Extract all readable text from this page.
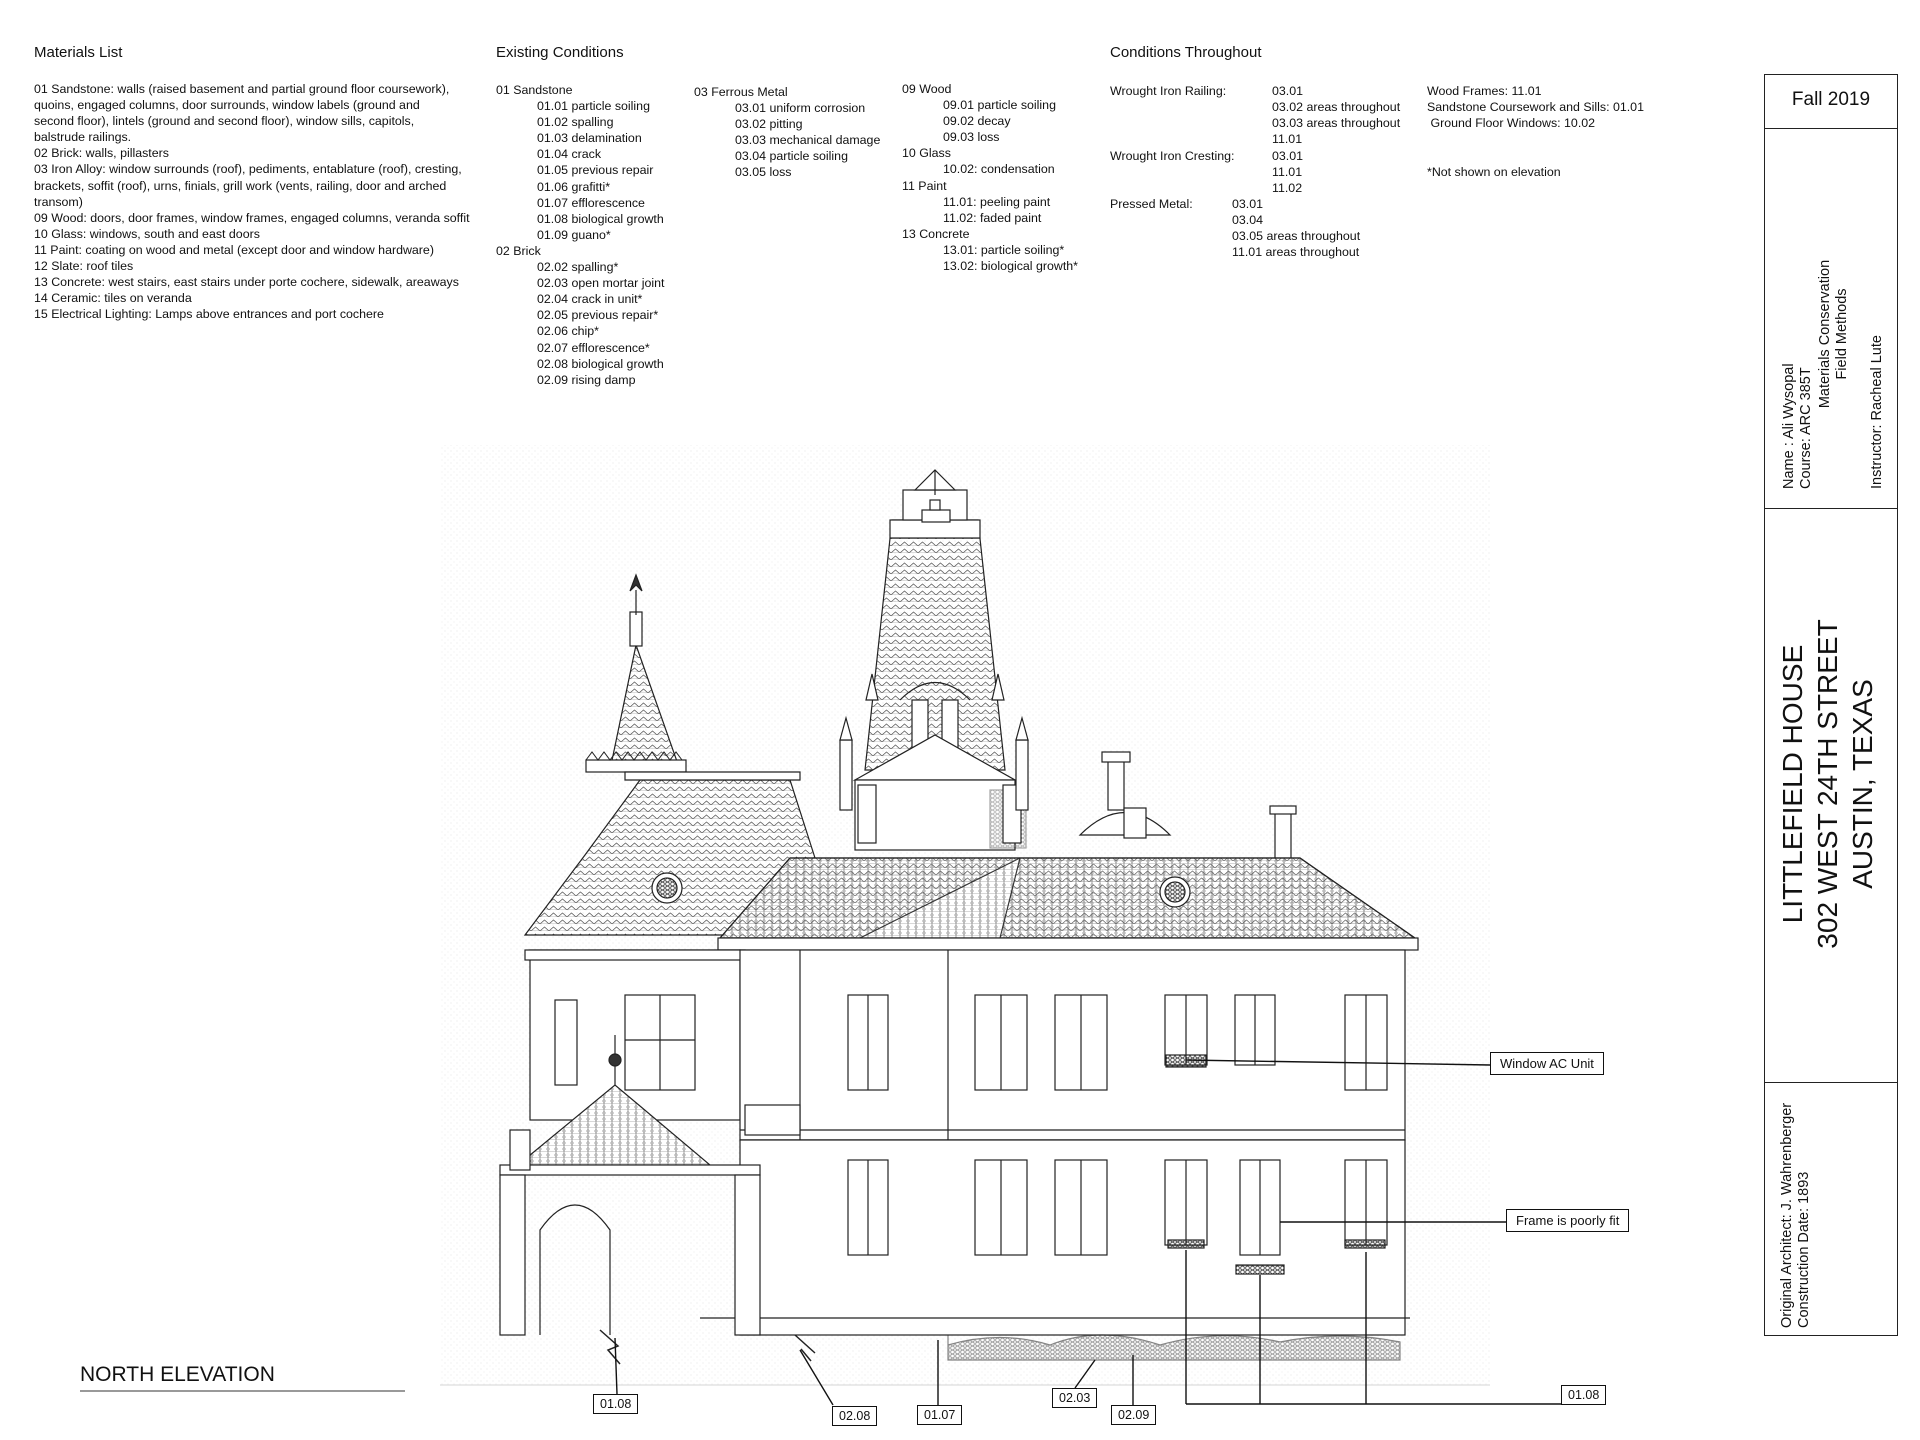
Materials List
01 Sandstone: walls (raised basement and partial ground floor coursework),
quoins, engaged columns, door surrounds, window labels (ground and
second floor), lintels (ground and second floor), window sills, capitols,
balstrude railings.
02 Brick: walls, pillasters
03 Iron Alloy: window surrounds (roof), pediments, entablature (roof), cresting,
brackets, soffit (roof), urns, finials, grill work (vents, railing, door and arched
transom)
09 Wood: doors, door frames, window frames, engaged columns, veranda soffit
10 Glass: windows, south and east doors
11 Paint: coating on wood and metal (except door and window hardware)
12 Slate: roof tiles
13 Concrete: west stairs, east stairs under porte cochere, sidewalk, areaways
14 Ceramic: tiles on veranda
15 Electrical Lighting: Lamps above entrances and port cochere
Existing Conditions
01 Sandstone
01.01 particle soiling
01.02 spalling
01.03 delamination
01.04 crack
01.05 previous repair
01.06 grafitti*
01.07 efflorescence
01.08 biological growth
01.09 guano*
02 Brick
02.02 spalling*
02.03 open mortar joint
02.04 crack in unit*
02.05 previous repair*
02.06 chip*
02.07 efflorescence*
02.08 biological growth
02.09 rising damp
03 Ferrous Metal
03.01 uniform corrosion
03.02 pitting
03.03 mechanical damage
03.04 particle soiling
03.05 loss
09 Wood
09.01 particle soiling
09.02 decay
09.03 loss
10 Glass
10.02: condensation
11 Paint
11.01: peeling paint
11.02: faded paint
13 Concrete
13.01: particle soiling*
13.02: biological growth*
Conditions Throughout
Wrought Iron Railing:	03.01
03.02 areas throughout
03.03 areas throughout
11.01
Wrought Iron Cresting:	03.01
11.01
11.02
Pressed Metal:	03.01
03.04
03.05 areas throughout
11.01 areas throughout
Wood Frames: 11.01
Sandstone Coursework and Sills: 01.01
Ground Floor Windows: 10.02
*Not shown on elevation
Fall 2019
Name : Ali Wysopal Course: ARC 385T
Materials Conservation Field Methods
Instructor: Racheal Lute
LITTLEFIELD HOUSE 302 WEST 24TH STREET AUSTIN, TEXAS
Original Architect: J. Wahrenberger Construction Date: 1893
Window AC Unit
Frame is poorly fit
01.08
02.08	01.07
02.03
02.09
01.08
NORTH ELEVATION
